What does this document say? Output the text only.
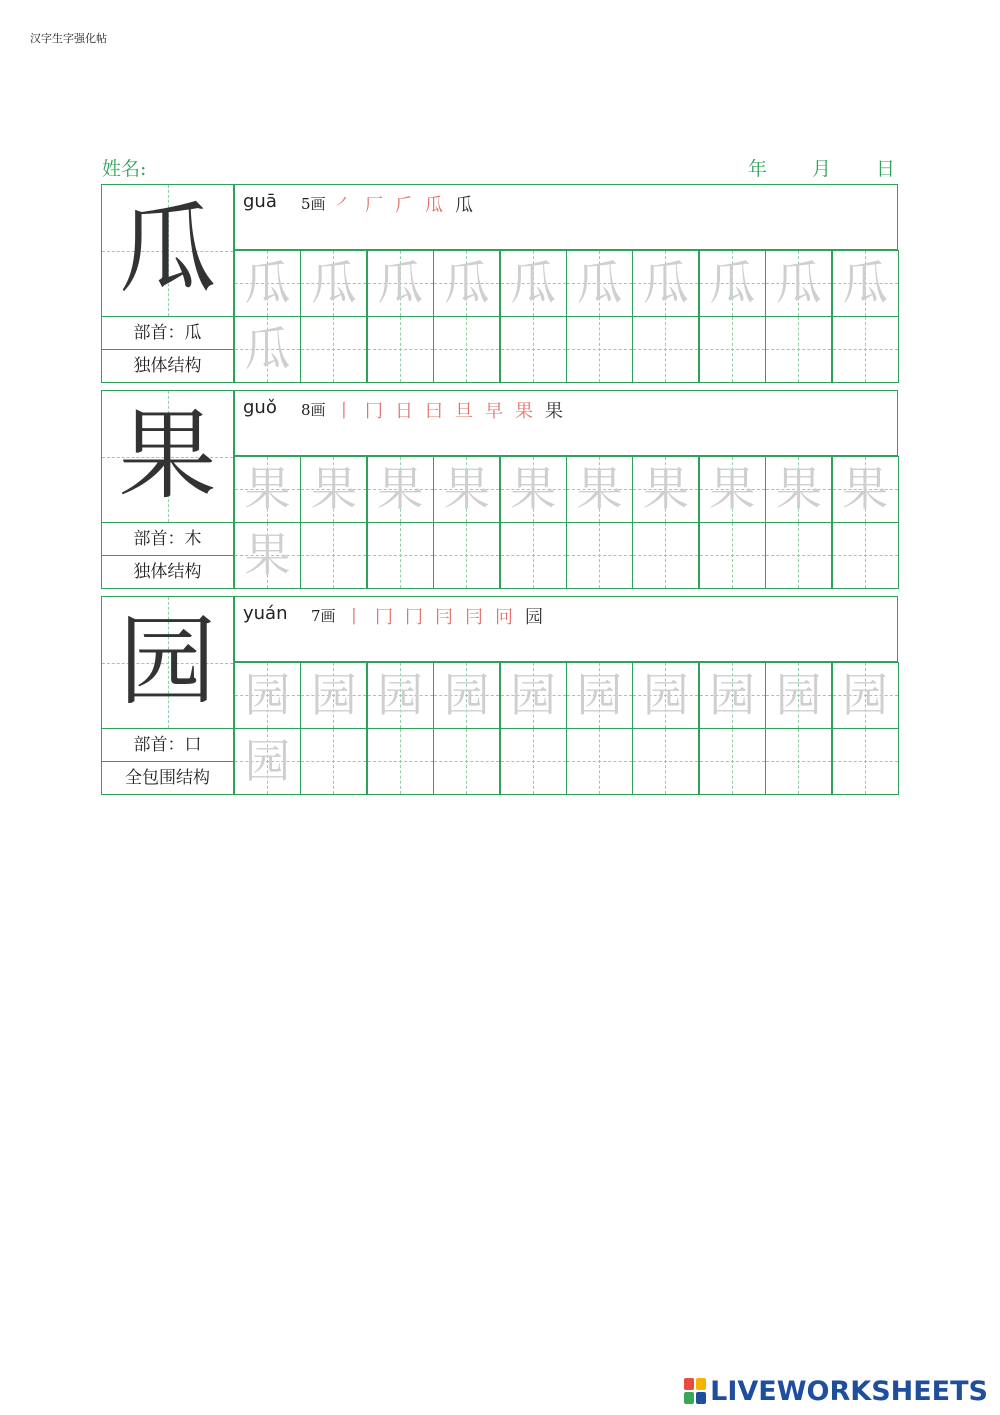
汉字生字强化帖
姓名:	年 月 日
瓜
部首：瓜
独体结构
guā 5画 ㇒厂𠂆瓜瓜
瓜 瓜 瓜 瓜 瓜 瓜 瓜 瓜 瓜 瓜
瓜
果
部首：木
独体结构
guǒ 8画 丨冂日曰旦早果果
果 果 果 果 果 果 果 果 果 果
果
园
部首：口
全包围结构
yuán 7画 丨冂冂冃冃冋园
园 园 园 园 园 园 园 园 园 园
园
LIVEWORKSHEETS
